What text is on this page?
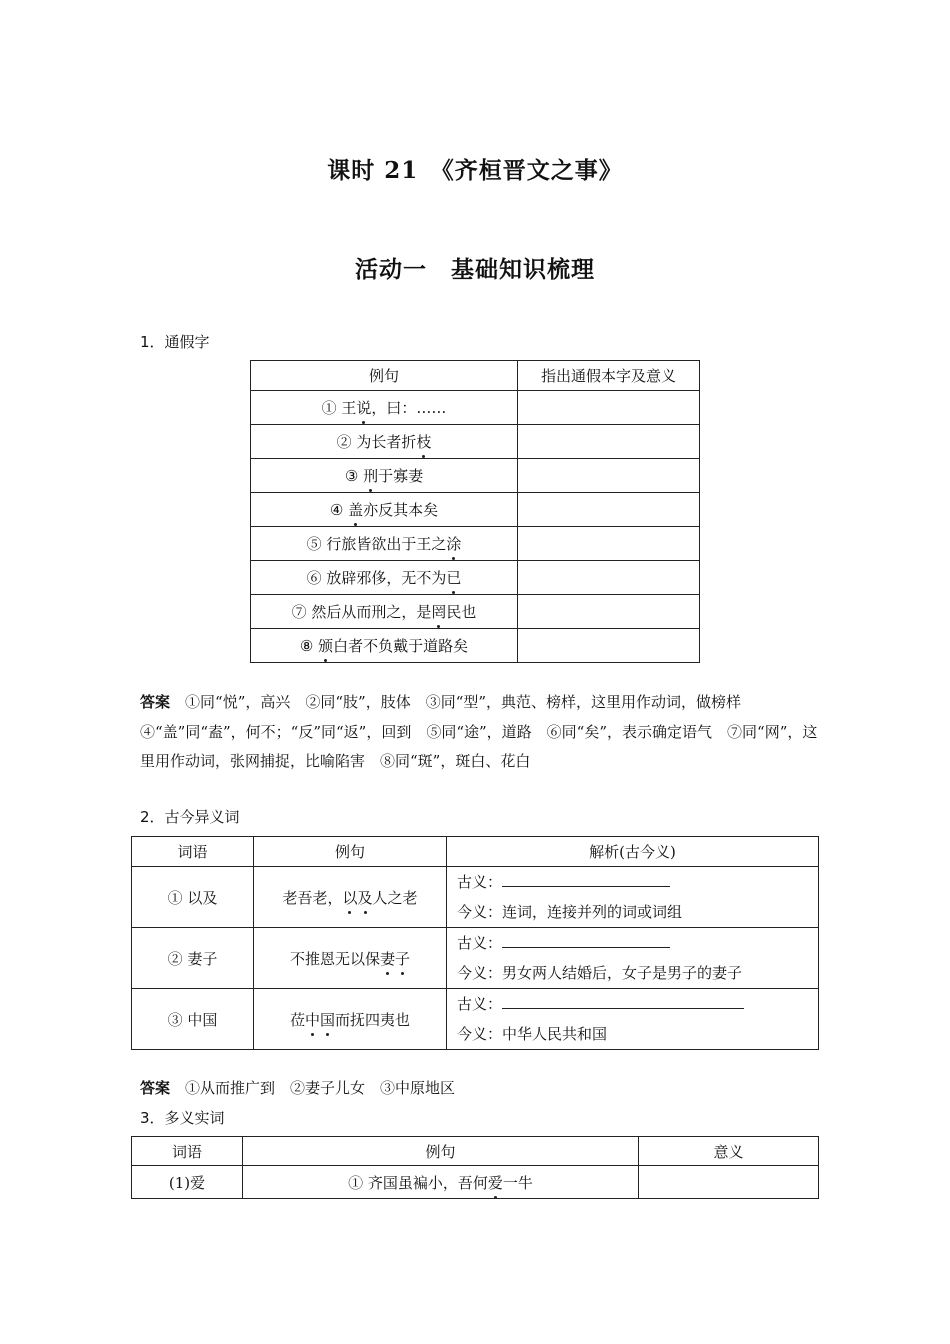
课时 21　《齐桓晋文之事》
活动一　基础知识梳理
1．通假字
例句	指出通假本字及意义
① 王说，曰：……	
② 为长者折枝	
③ 刑于寡妻	
④ 盖亦反其本矣	
⑤ 行旅皆欲出于王之涂	
⑥ 放辟邪侈，无不为已	
⑦ 然后从而刑之，是罔民也	
⑧ 颁白者不负戴于道路矣	
答案　 ①同“悦”，高兴　②同“肢”，肢体　③同“型”，典范、榜样，这里用作动词，做榜样　④“盖”同“盍”，何不；“反”同“返”，回到　⑤同“途”，道路　⑥同“矣”，表示确定语气　⑦同“网”，这里用作动词，张网捕捉，比喻陷害　⑧同“斑”，斑白、花白
2．古今异义词
词语	例句	解析(古今义)
① 以及	老吾老，以及人之老	古义：
今义：连词，连接并列的词或词组

② 妻子	不推恩无以保妻子	古义：
今义：男女两人结婚后，女子是男子的妻子

③ 中国	莅中国而抚四夷也	古义：
今义：中华人民共和国
答案　 ①从而推广到　②妻子儿女　③中原地区
3．多义实词
词语	例句	意义
(1)爱	① 齐国虽褊小，吾何爱一牛	
